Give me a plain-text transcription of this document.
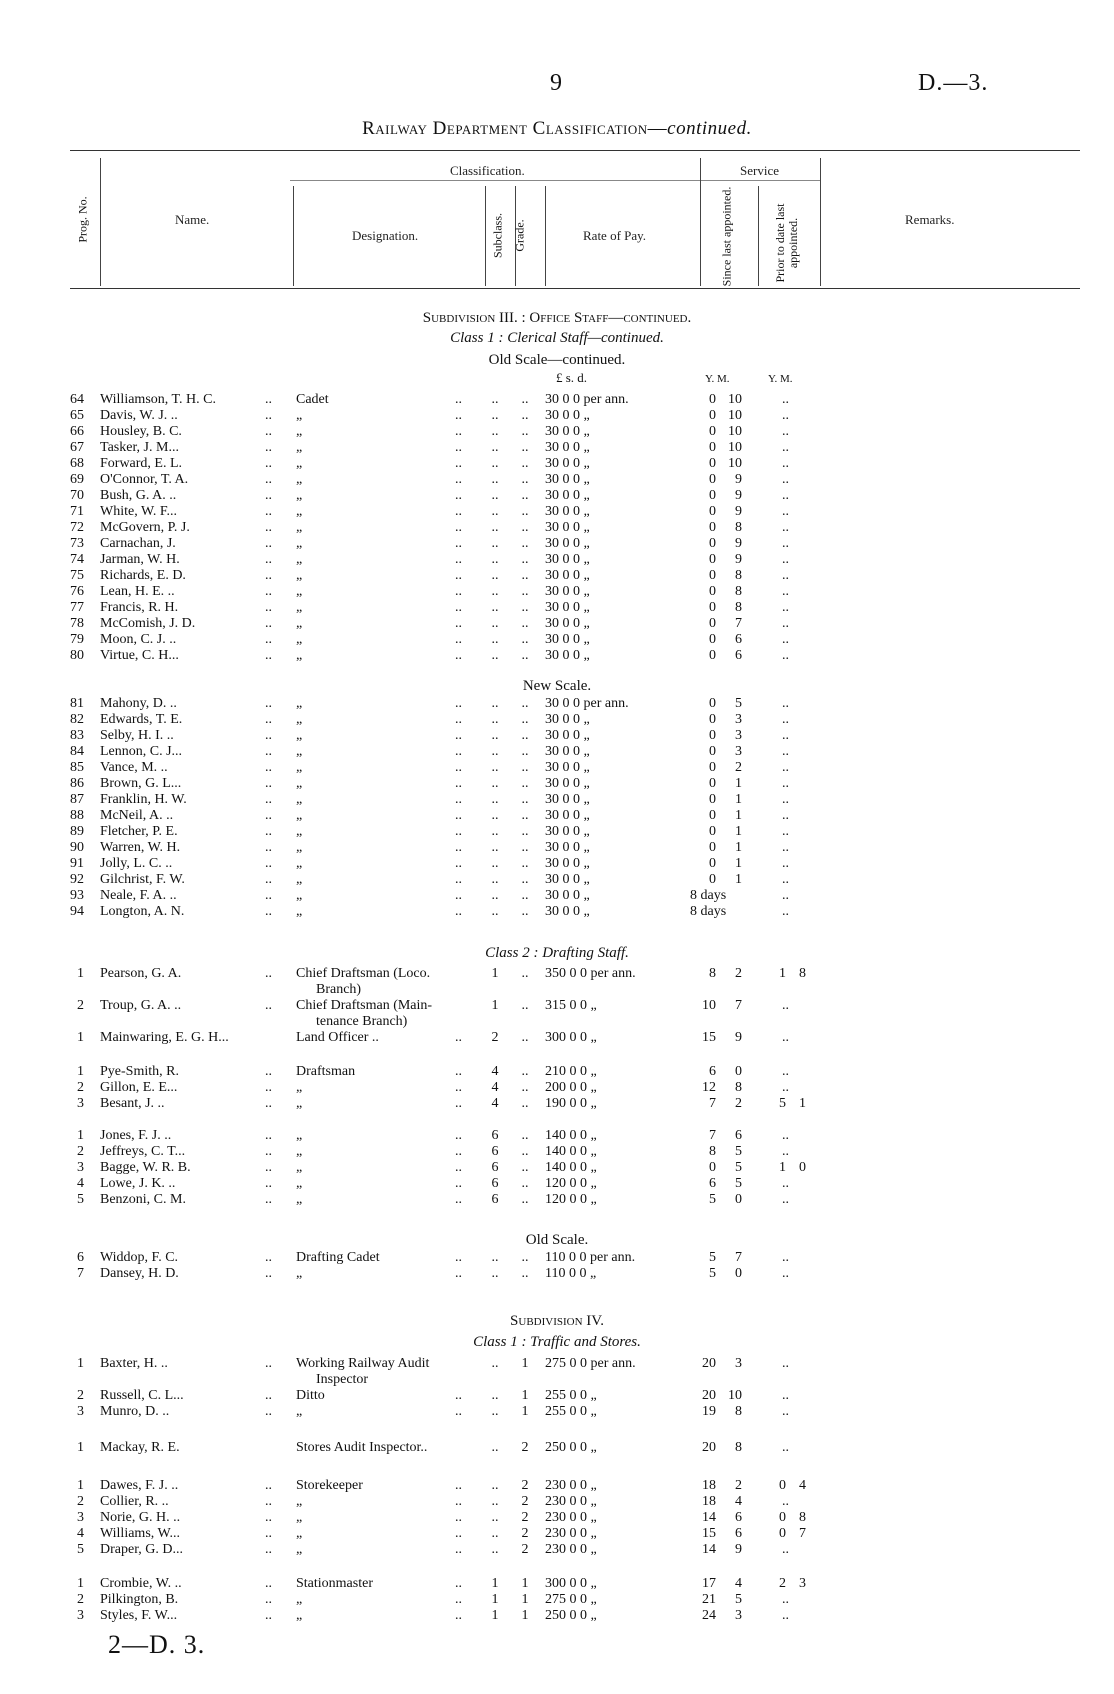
9	D.—3.
Railway Department Classification—continued.
Prog. No.	Name.
Classification.
Designation.	Subclass. Grade.	Rate of Pay.
Service
Since last appointed.	Prior to date last appointed.	Remarks.
Subdivision III. : Office Staff—continued.
Class 1 : Clerical Staff—continued.
Old Scale—continued.
£ s. d.	Y. M.	Y. M.
New Scale.
Class 2 : Drafting Staff.
Old Scale.
Subdivision IV.
Class 1 : Traffic and Stores.
64 Williamson, T. H. C.	.. Cadet	.. .. .. 30 0 0 per ann.	0 10	..
65 Davis, W. J. ..	.. „	.. .. .. 30 0 0 „	0 10	..
66 Housley, B. C.	.. „	.. .. .. 30 0 0 „	0 10	..
67 Tasker, J. M...	.. „	.. .. .. 30 0 0 „	0 10	..
68 Forward, E. L.	.. „	.. .. .. 30 0 0 „	0 10	..
69 O'Connor, T. A.	.. „	.. .. .. 30 0 0 „	0	9	..
70 Bush, G. A. ..	.. „	.. .. .. 30 0 0 „	0	9	..
71 White, W. F...	.. „	.. .. .. 30 0 0 „	0	9	..
72 McGovern, P. J.	.. „	.. .. .. 30 0 0 „	0	8	..
73 Carnachan, J.	.. „	.. .. .. 30 0 0 „	0	9	..
74 Jarman, W. H.	.. „	.. .. .. 30 0 0 „	0	9	..
75 Richards, E. D.	.. „	.. .. .. 30 0 0 „	0	8	..
76 Lean, H. E. ..	.. „	.. .. .. 30 0 0 „	0	8	..
77 Francis, R. H.	.. „	.. .. .. 30 0 0 „	0	8	..
78 McComish, J. D.	.. „	.. .. .. 30 0 0 „	0	7	..
79 Moon, C. J. ..	.. „	.. .. .. 30 0 0 „	0	6	..
80 Virtue, C. H...	.. „	.. .. .. 30 0 0 „	0	6	..
81 Mahony, D. ..	.. „	.. .. .. 30 0 0 per ann.	0	5	..
82 Edwards, T. E.	.. „	.. .. .. 30 0 0 „	0	3	..
83 Selby, H. I. ..	.. „	.. .. .. 30 0 0 „	0	3	..
84 Lennon, C. J...	.. „	.. .. .. 30 0 0 „	0	3	..
85 Vance, M. ..	.. „	.. .. .. 30 0 0 „	0	2	..
86 Brown, G. L...	.. „	.. .. .. 30 0 0 „	0	1	..
87 Franklin, H. W.	.. „	.. .. .. 30 0 0 „	0	1	..
88 McNeil, A. ..	.. „	.. .. .. 30 0 0 „	0	1	..
89 Fletcher, P. E.	.. „	.. .. .. 30 0 0 „	0	1	..
90 Warren, W. H.	.. „	.. .. .. 30 0 0 „	0	1	..
91 Jolly, L. C. ..	.. „	.. .. .. 30 0 0 „	0	1	..
92 Gilchrist, F. W.	.. „	.. .. .. 30 0 0 „	0	1	..
93 Neale, F. A. ..	.. „	.. .. .. 30 0 0 „	8 days	..
94 Longton, A. N.	.. „	.. .. .. 30 0 0 „	8 days	..
1 Pearson, G. A.	.. Chief Draftsman (Loco.	1 .. 350 0 0 per ann.	8	2	1 8
Branch)
2 Troup, G. A. ..	.. Chief Draftsman (Main-	1 .. 315 0 0 „	10	7	..
tenance Branch)
1 Mainwaring, E. G. H...	Land Officer ..	.. 2 .. 300 0 0 „	15	9	..
1 Pye-Smith, R.	.. Draftsman	.. 4 .. 210 0 0 „	6	0	..
2 Gillon, E. E...	.. „	.. 4 .. 200 0 0 „	12	8	..
3 Besant, J. ..	.. „	.. 4 .. 190 0 0 „	7	2	5 1
1 Jones, F. J. ..	.. „	.. 6 .. 140 0 0 „	7	6	..
2 Jeffreys, C. T...	.. „	.. 6 .. 140 0 0 „	8	5	..
3 Bagge, W. R. B.	.. „	.. 6 .. 140 0 0 „	0	5	1 0
4 Lowe, J. K. ..	.. „	.. 6 .. 120 0 0 „	6	5	..
5 Benzoni, C. M.	.. „	.. 6 .. 120 0 0 „	5	0	..
6 Widdop, F. C.	.. Drafting Cadet	.. .. .. 110 0 0 per ann.	5	7	..
7 Dansey, H. D.	.. „	.. .. .. 110 0 0 „	5	0	..
1 Baxter, H. ..	.. Working Railway Audit	.. 1 275 0 0 per ann.	20	3	..
Inspector
2 Russell, C. L...	.. Ditto	.. .. 1 255 0 0 „	20 10	..
3 Munro, D. ..	.. „	.. .. 1 255 0 0 „	19	8	..
1 Mackay, R. E.	Stores Audit Inspector..	.. 2 250 0 0 „	20	8	..
1 Dawes, F. J. ..	.. Storekeeper	.. .. 2 230 0 0 „	18	2	0 4
2 Collier, R. ..	.. „	.. .. 2 230 0 0 „	18	4	..
3 Norie, G. H. ..	.. „	.. .. 2 230 0 0 „	14	6	0 8
4 Williams, W...	.. „	.. .. 2 230 0 0 „	15	6	0 7
5 Draper, G. D...	.. „	.. .. 2 230 0 0 „	14	9	..
1 Crombie, W. ..	.. Stationmaster	.. 1 1 300 0 0 „	17	4	2 3
2 Pilkington, B.	.. „	.. 1 1 275 0 0 „	21	5	..
3 Styles, F. W...	.. „	.. 1 1 250 0 0 „	24	3	..
2—D. 3.
